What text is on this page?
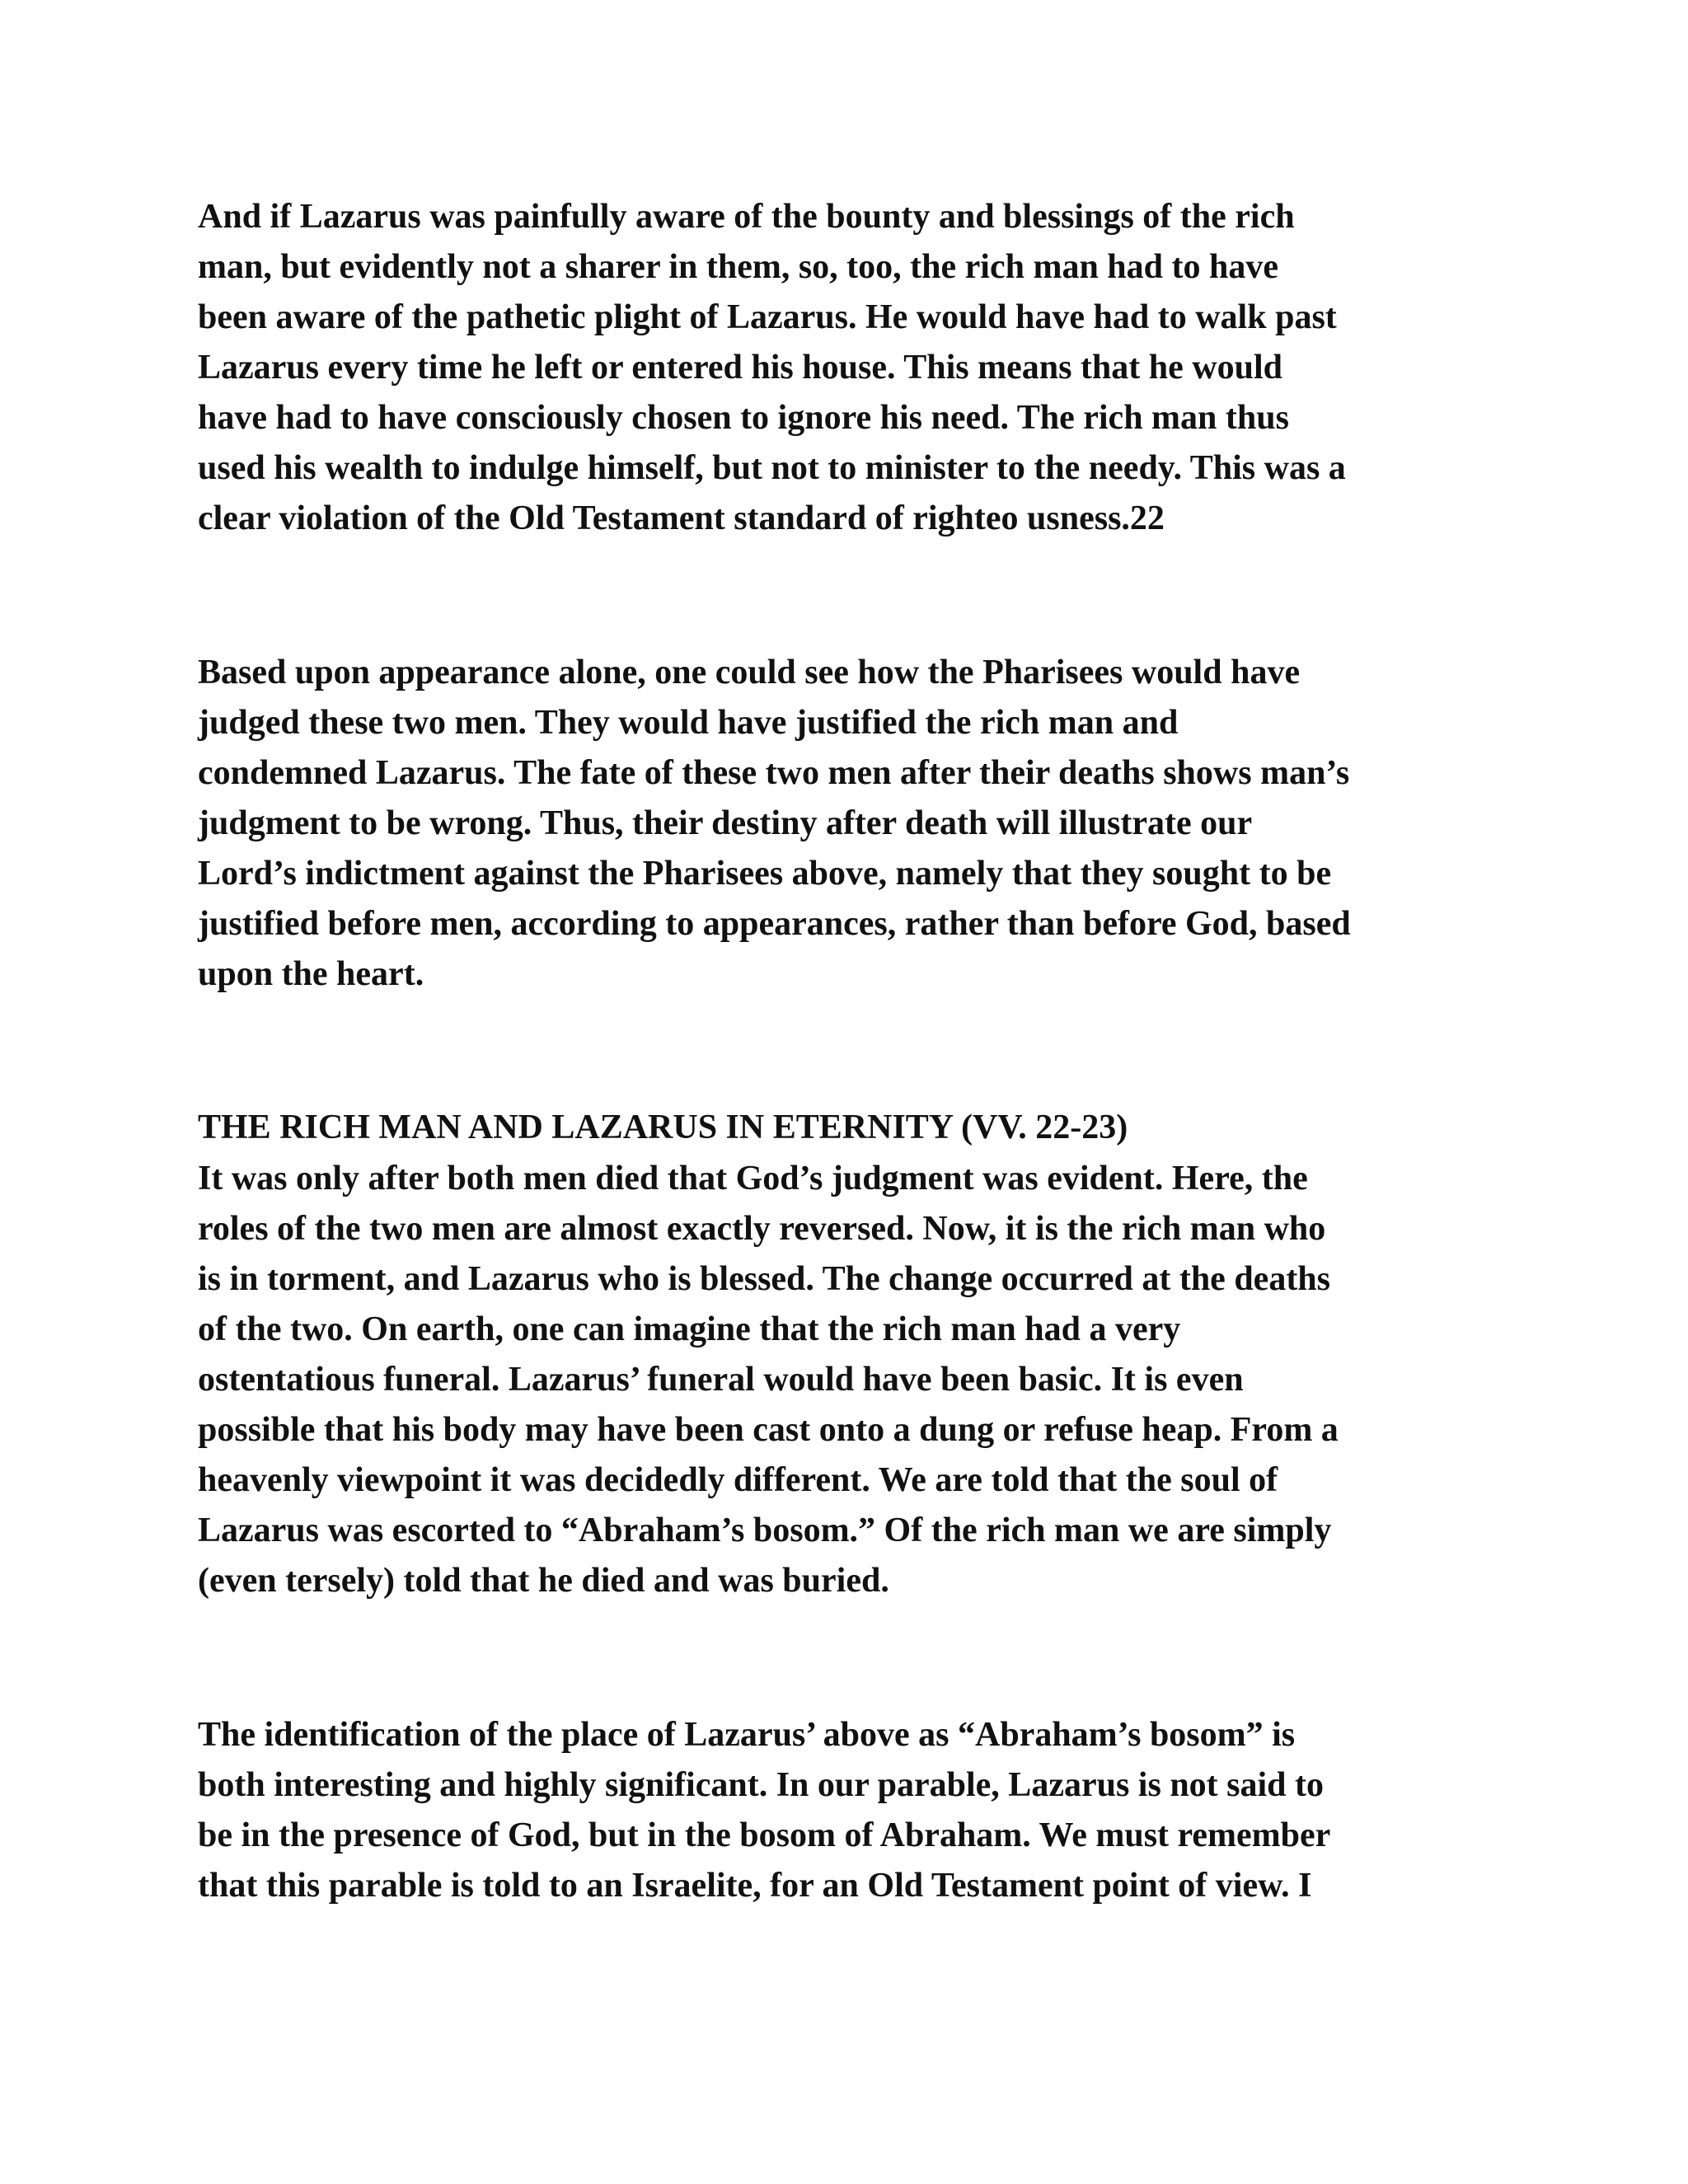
And if Lazarus was painfully aware of the bounty and blessings of the rich
man, but evidently not a sharer in them, so, too, the rich man had to have
been aware of the pathetic plight of Lazarus. He would have had to walk past
Lazarus every time he left or entered his house. This means that he would
have had to have consciously chosen to ignore his need. The rich man thus
used his wealth to indulge himself, but not to minister to the needy. This was a
clear violation of the Old Testament standard of righteo usness.22
Based upon appearance alone, one could see how the Pharisees would have
judged these two men. They would have justified the rich man and
condemned Lazarus. The fate of these two men after their deaths shows man’s
judgment to be wrong. Thus, their destiny after death will illustrate our
Lord’s indictment against the Pharisees above, namely that they sought to be
justified before men, according to appearances, rather than before God, based
upon the heart.
THE RICH MAN AND LAZARUS IN ETERNITY (VV. 22-23)
It was only after both men died that God’s judgment was evident. Here, the
roles of the two men are almost exactly reversed. Now, it is the rich man who
is in torment, and Lazarus who is blessed. The change occurred at the deaths
of the two. On earth, one can imagine that the rich man had a very
ostentatious funeral. Lazarus’ funeral would have been basic. It is even
possible that his body may have been cast onto a dung or refuse heap. From a
heavenly viewpoint it was decidedly different. We are told that the soul of
Lazarus was escorted to “Abraham’s bosom.” Of the rich man we are simply
(even tersely) told that he died and was buried.
The identification of the place of Lazarus’ above as “Abraham’s bosom” is
both interesting and highly significant. In our parable, Lazarus is not said to
be in the presence of God, but in the bosom of Abraham. We must remember
that this parable is told to an Israelite, for an Old Testament point of view. I
